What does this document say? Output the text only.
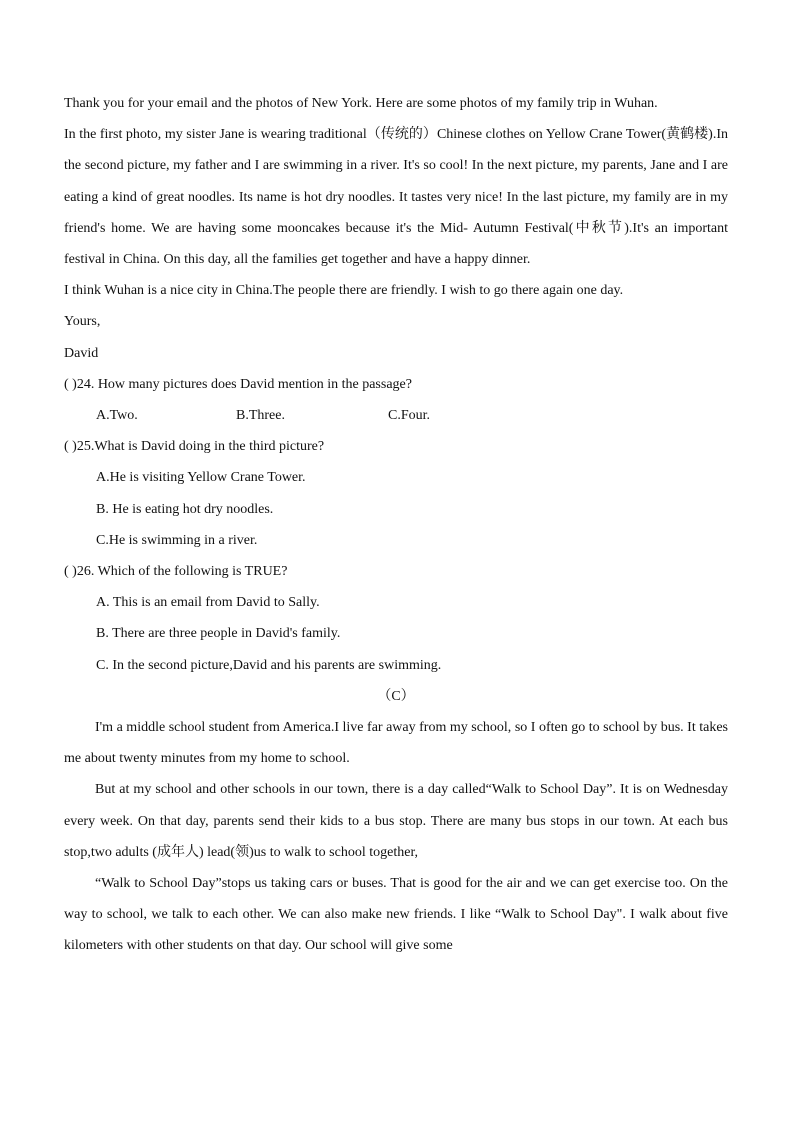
Thank you for your email and the photos of New York. Here are some photos of my family trip in Wuhan.

In the first photo, my sister Jane is wearing traditional（传统的）Chinese clothes on Yellow Crane Tower(黄鹤楼).In the second picture, my father and I are swimming in a river. It's so cool! In the next picture, my parents, Jane and I are eating a kind of great noodles. Its name is hot dry noodles. It tastes very nice! In the last picture, my family are in my friend's home. We are having some mooncakes because it's the Mid- Autumn Festival(中秋节).It's an important festival in China. On this day, all the families get together and have a happy dinner.

I think Wuhan is a nice city in China.The people there are friendly. I wish to go there again one day.

Yours,

David

( )24. How many pictures does David mention in the passage?

A.Two.	B.Three.	C.Four.

( )25.What is David doing in the third picture?

A.He is visiting Yellow Crane Tower.

B. He is eating hot dry noodles.

C.He is swimming in a river.

( )26. Which of the following is TRUE?

A. This is an email from David to Sally.

B. There are three people in David's family.

C. In the second picture,David and his parents are swimming.

（C）

I'm a middle school student from America.I live far away from my school, so I often go to school by bus. It takes me about twenty minutes from my home to school.

But at my school and other schools in our town, there is a day called“Walk to School Day”. It is on Wednesday every week. On that day, parents send their kids to a bus stop. There are many bus stops in our town. At each bus stop,two adults (成年人) lead(领)us to walk to school together,

“Walk to School Day”stops us taking cars or buses. That is good for the air and we can get exercise too. On the way to school, we talk to each other. We can also make new friends. I like “Walk to School Day". I walk about five kilometers with other students on that day. Our school will give some
